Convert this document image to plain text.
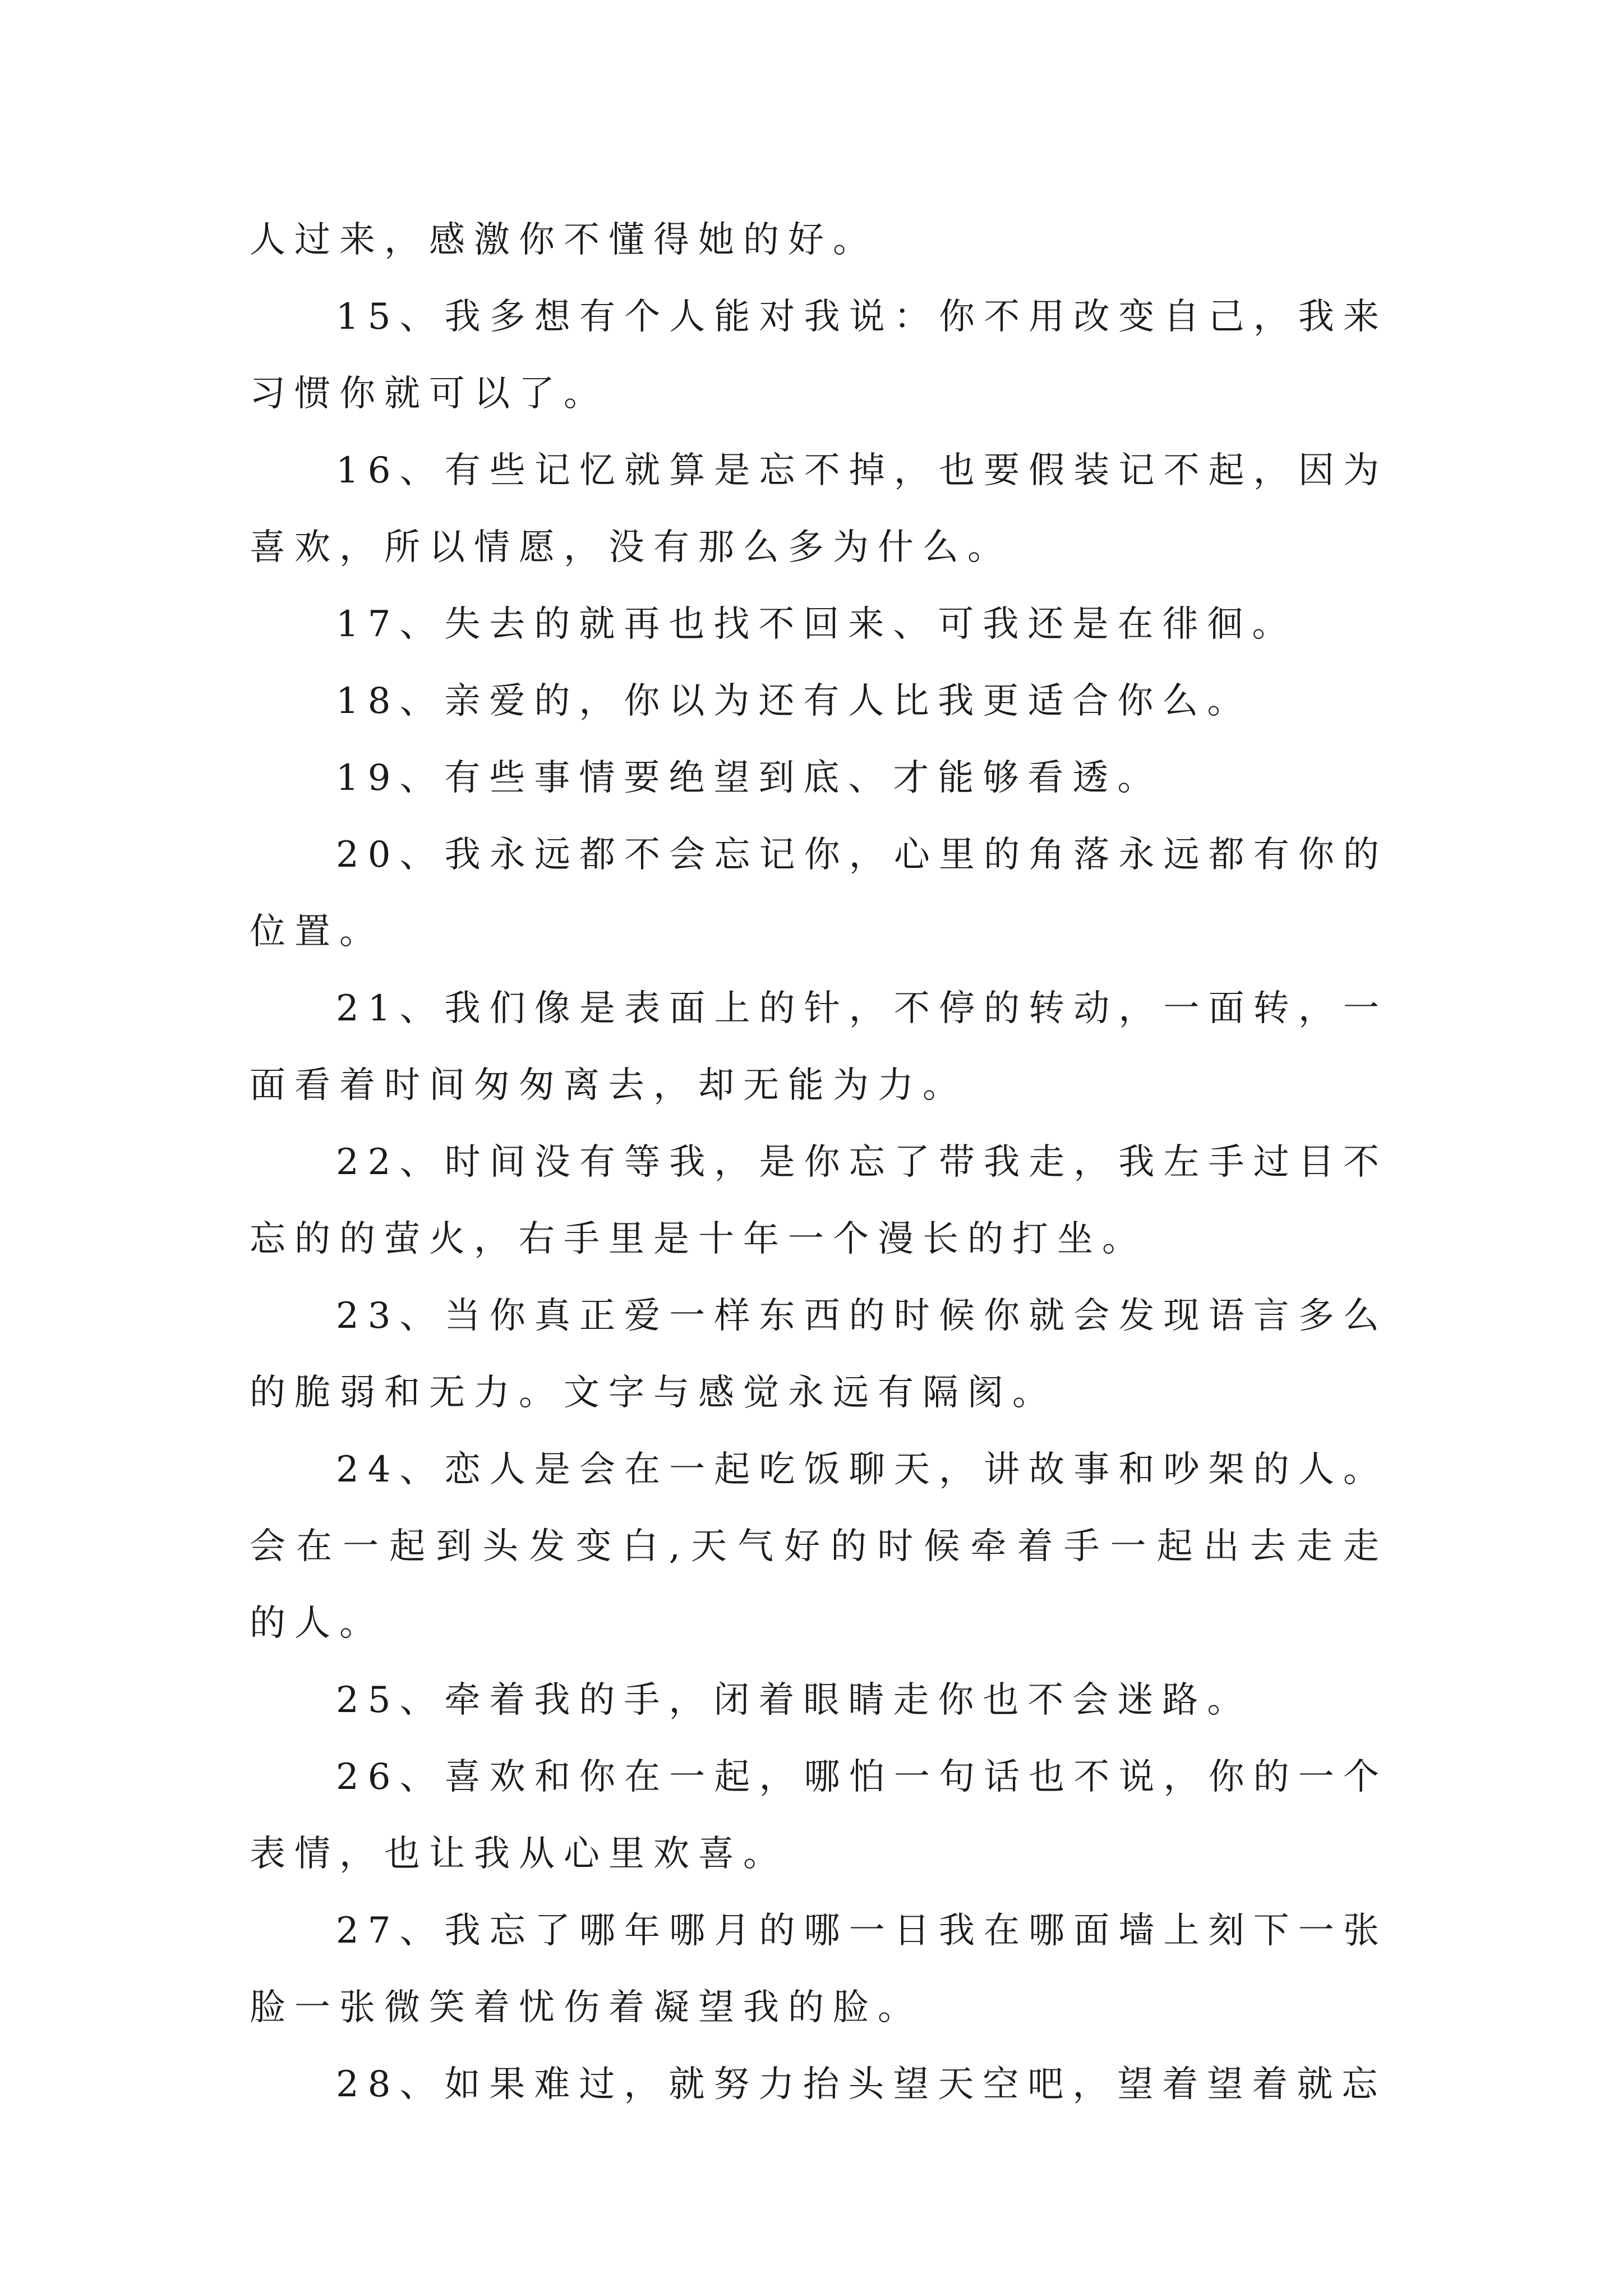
人过来，感激你不懂得她的好。

15、我多想有个人能对我说：你不用改变自己，我来习惯你就可以了。

16、有些记忆就算是忘不掉，也要假装记不起，因为喜欢，所以情愿，没有那么多为什么。

17、失去的就再也找不回来、可我还是在徘徊。

18、亲爱的，你以为还有人比我更适合你么。

19、有些事情要绝望到底、才能够看透。

20、我永远都不会忘记你，心里的角落永远都有你的位置。

21、我们像是表面上的针，不停的转动，一面转，一面看着时间匆匆离去，却无能为力。

22、时间没有等我，是你忘了带我走，我左手过目不忘的的萤火，右手里是十年一个漫长的打坐。

23、当你真正爱一样东西的时候你就会发现语言多么的脆弱和无力。文字与感觉永远有隔阂。

24、恋人是会在一起吃饭聊天，讲故事和吵架的人。会在一起到头发变白,天气好的时候牵着手一起出去走走的人。

25、牵着我的手，闭着眼睛走你也不会迷路。

26、喜欢和你在一起，哪怕一句话也不说，你的一个表情，也让我从心里欢喜。

27、我忘了哪年哪月的哪一日我在哪面墙上刻下一张脸一张微笑着忧伤着凝望我的脸。

28、如果难过，就努力抬头望天空吧，望着望着就忘
